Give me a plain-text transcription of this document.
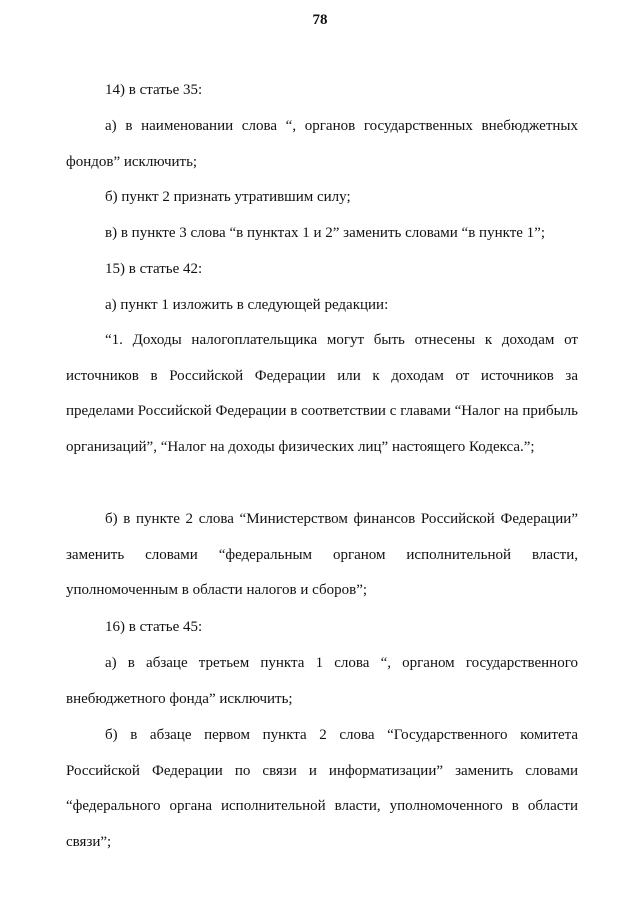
78

14) в статье 35:

а) в наименовании слова “, органов государственных внебюджетных фондов” исключить;

б) пункт 2 признать утратившим силу;

в) в пункте 3 слова “в пунктах 1 и 2” заменить словами “в пункте 1”;

15) в статье 42:

а) пункт 1 изложить в следующей редакции:

“1. Доходы налогоплательщика могут быть отнесены к доходам от источников в Российской Федерации или к доходам от источников за пределами Российской Федерации в соответствии с главами “Налог на прибыль организаций”, “Налог на доходы физических лиц” настоящего Кодекса.”;

б) в пункте 2 слова “Министерством финансов Российской Федерации” заменить словами “федеральным органом исполнительной власти, уполномоченным в области налогов и сборов”;

16) в статье 45:

а) в абзаце третьем пункта 1 слова “, органом государственного внебюджетного фонда” исключить;

б) в абзаце первом пункта 2 слова “Государственного комитета Российской Федерации по связи и информатизации” заменить словами “федерального органа исполнительной власти, уполномоченного в области связи”;
